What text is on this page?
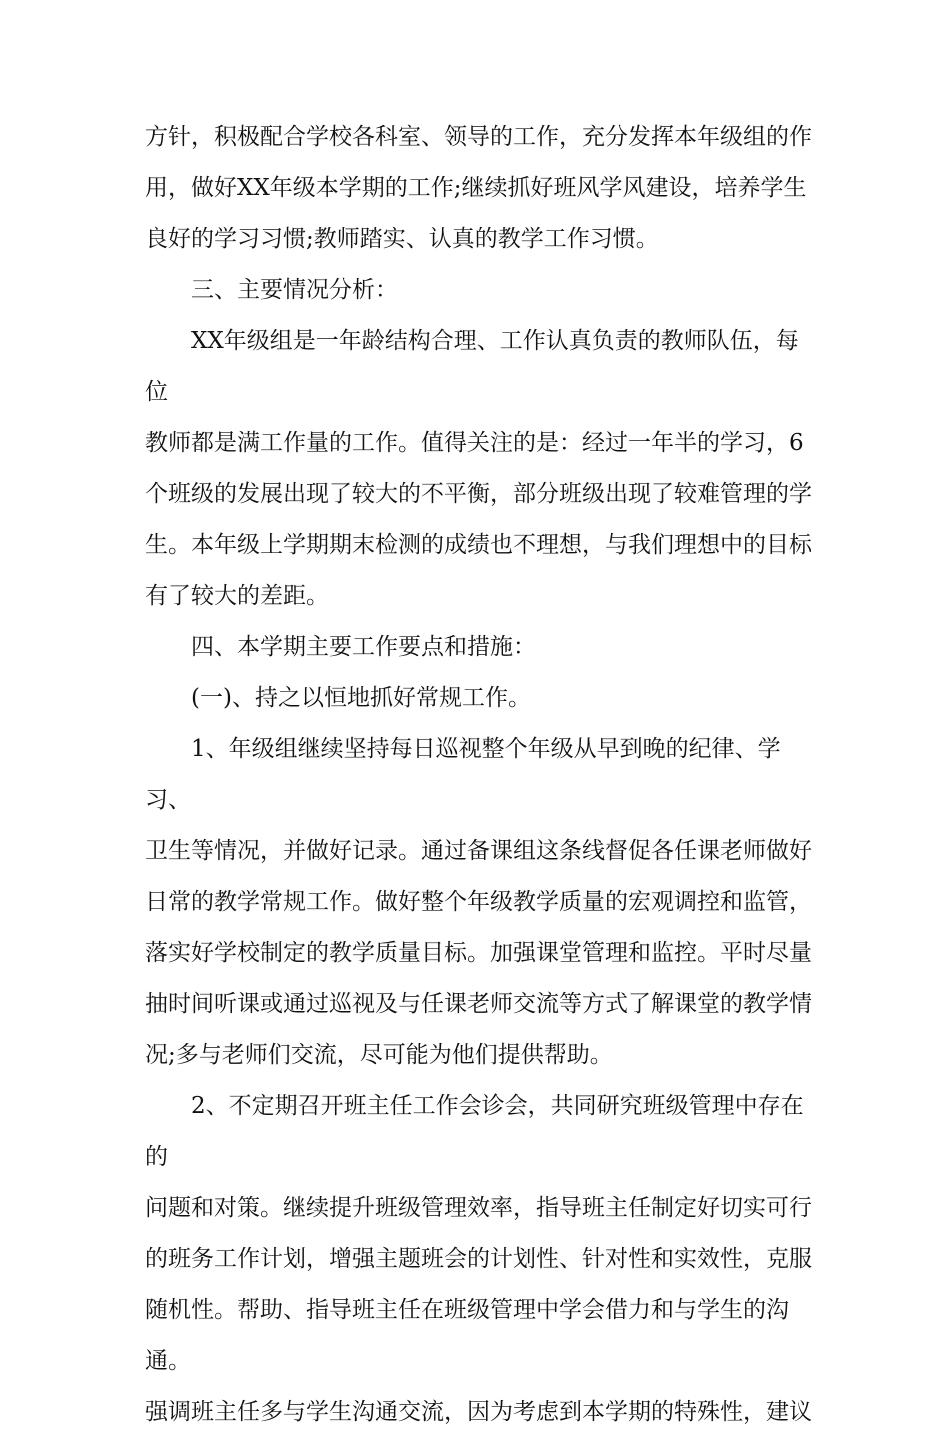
方针，积极配合学校各科室、领导的工作，充分发挥本年级组的作
用，做好XX年级本学期的工作;继续抓好班风学风建设，培养学生
良好的学习习惯;教师踏实、认真的教学工作习惯。
　　三、主要情况分析：
　　XX年级组是一年龄结构合理、工作认真负责的教师队伍，每位
教师都是满工作量的工作。值得关注的是：经过一年半的学习，6
个班级的发展出现了较大的不平衡，部分班级出现了较难管理的学
生。本年级上学期期末检测的成绩也不理想，与我们理想中的目标
有了较大的差距。
　　四、本学期主要工作要点和措施：
　　(一)、持之以恒地抓好常规工作。
　　1、年级组继续坚持每日巡视整个年级从早到晚的纪律、学习、
卫生等情况，并做好记录。通过备课组这条线督促各任课老师做好
日常的教学常规工作。做好整个年级教学质量的宏观调控和监管，
落实好学校制定的教学质量目标。加强课堂管理和监控。平时尽量
抽时间听课或通过巡视及与任课老师交流等方式了解课堂的教学情
况;多与老师们交流，尽可能为他们提供帮助。
　　2、不定期召开班主任工作会诊会，共同研究班级管理中存在的
问题和对策。继续提升班级管理效率，指导班主任制定好切实可行
的班务工作计划，增强主题班会的计划性、针对性和实效性，克服
随机性。帮助、指导班主任在班级管理中学会借力和与学生的沟通。
强调班主任多与学生沟通交流，因为考虑到本学期的特殊性，建议
